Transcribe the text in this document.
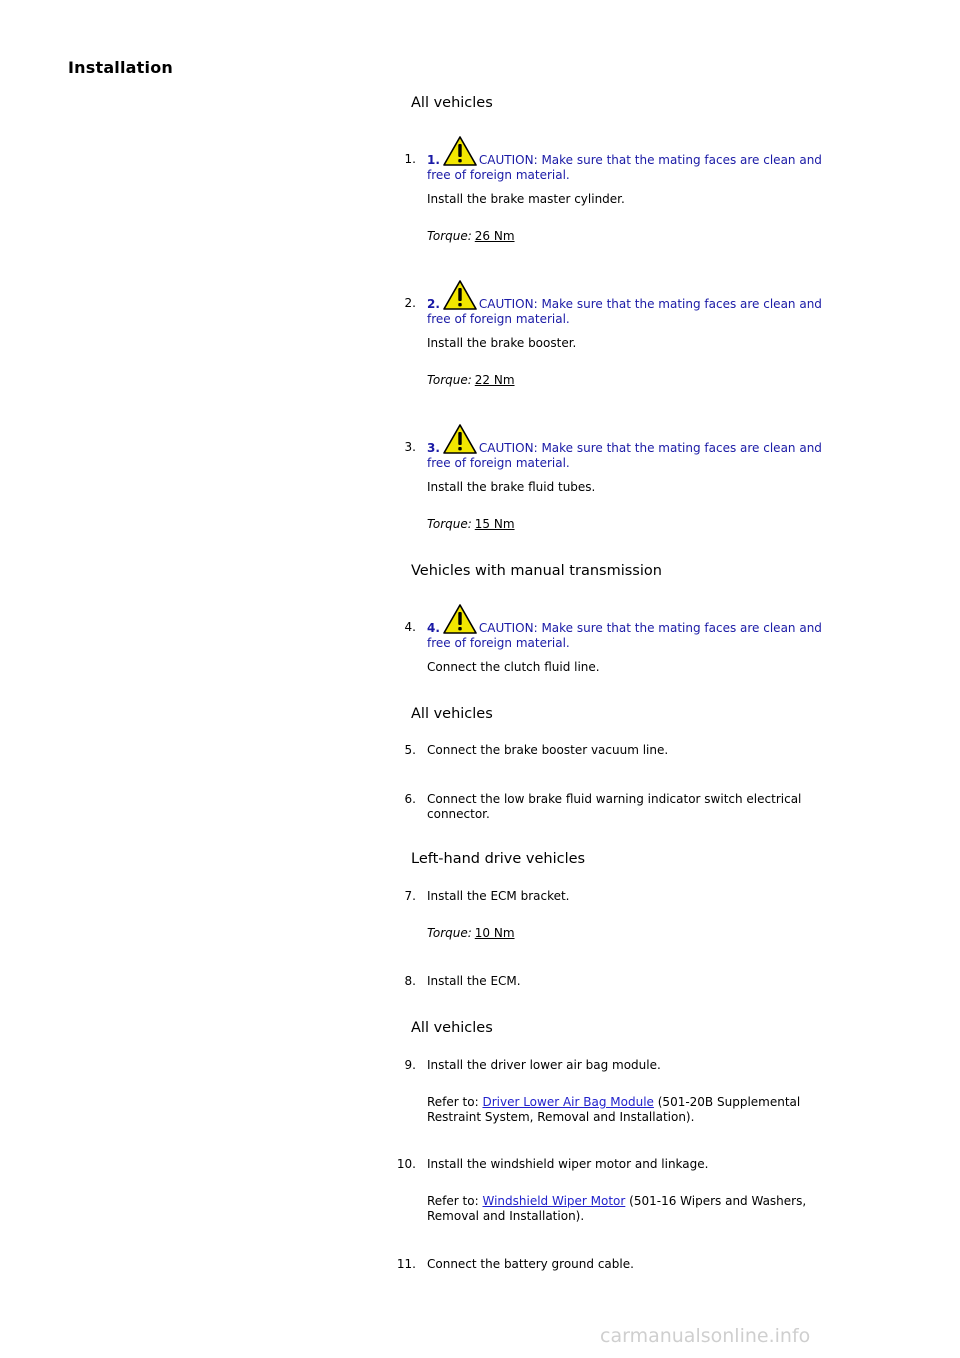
Installation
All vehicles
1. 1.	CAUTION: Make sure that the mating faces are clean and
free of foreign material.
Install the brake master cylinder.
Torque: 26 Nm
2. 2.	CAUTION: Make sure that the mating faces are clean and
free of foreign material.
Install the brake booster.
Torque: 22 Nm
3. 3.	CAUTION: Make sure that the mating faces are clean and
free of foreign material.
Install the brake fluid tubes.
Torque: 15 Nm
Vehicles with manual transmission
4. 4.	CAUTION: Make sure that the mating faces are clean and
free of foreign material.
Connect the clutch fluid line.
All vehicles
5. Connect the brake booster vacuum line.
6. Connect the low brake fluid warning indicator switch electrical
connector.
Left-hand drive vehicles
7. Install the ECM bracket.
Torque: 10 Nm
8. Install the ECM.
All vehicles
9. Install the driver lower air bag module.
Refer to: Driver Lower Air Bag Module (501-20B Supplemental
Restraint System, Removal and Installation).
10. Install the windshield wiper motor and linkage.
Refer to: Windshield Wiper Motor (501-16 Wipers and Washers,
Removal and Installation).
11. Connect the battery ground cable.
carmanualsonline.info
